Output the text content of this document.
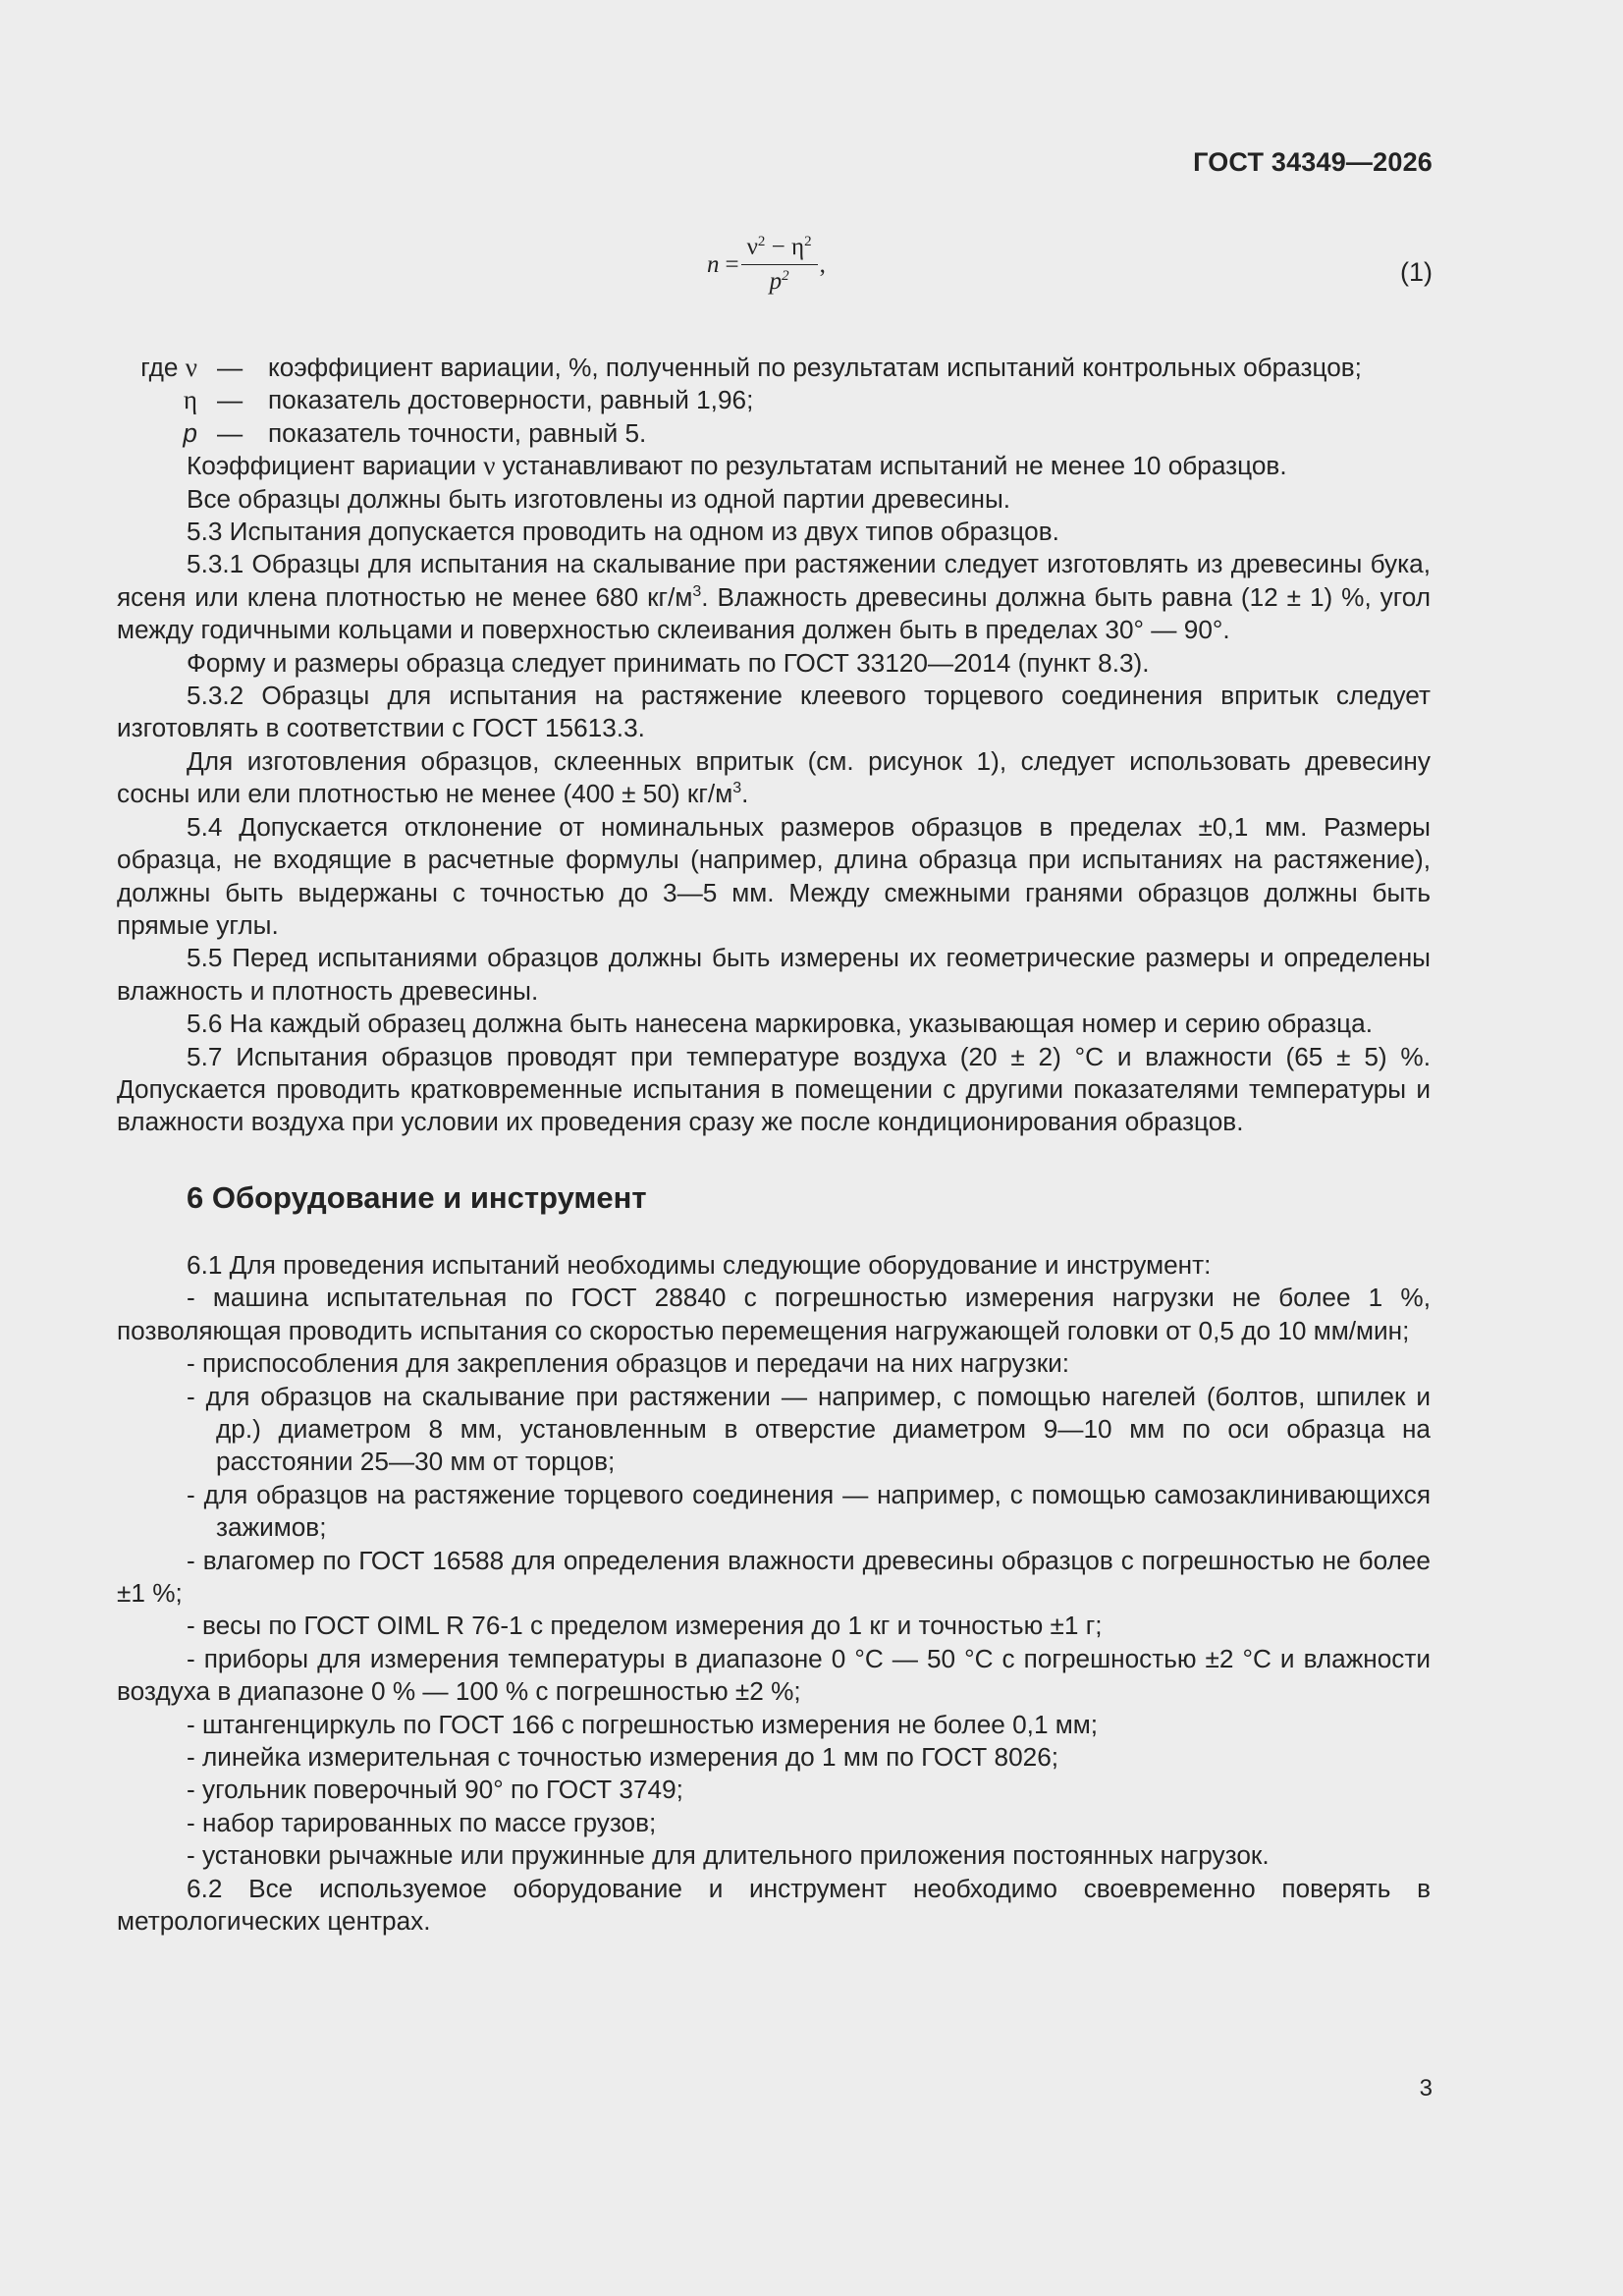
ГОСТ 34349—2026
$n = \frac{\nu^2 - \eta^2}{p^2}$ ,	(1)
где ν — коэффициент вариации, %, полученный по результатам испытаний контрольных образцов;
η — показатель достоверности, равный 1,96;
p — показатель точности, равный 5.

Коэффициент вариации ν устанавливают по результатам испытаний не менее 10 образцов.

Все образцы должны быть изготовлены из одной партии древесины.

5.3 Испытания допускается проводить на одном из двух типов образцов.

5.3.1 Образцы для испытания на скалывание при растяжении следует изготовлять из древесины бука, ясеня или клена плотностью не менее 680 $кг/м^3$. Влажность древесины должна быть равна (12 ± 1) %, угол между годичными кольцами и поверхностью склеивания должен быть в пределах 30° — 90°.

Форму и размеры образца следует принимать по ГОСТ 33120—2014 (пункт 8.3).

5.3.2 Образцы для испытания на растяжение клеевого торцевого соединения впритык следует изготовлять в соответствии с ГОСТ 15613.3.

Для изготовления образцов, склеенных впритык (см. рисунок 1), следует использовать древесину сосны или ели плотностью не менее (400 ± 50) $кг/м^3$.

5.4 Допускается отклонение от номинальных размеров образцов в пределах ±0,1 мм. Размеры образца, не входящие в расчетные формулы (например, длина образца при испытаниях на растяжение), должны быть выдержаны с точностью до 3—5 мм. Между смежными гранями образцов должны быть прямые углы.

5.5 Перед испытаниями образцов должны быть измерены их геометрические размеры и определены влажность и плотность древесины.

5.6 На каждый образец должна быть нанесена маркировка, указывающая номер и серию образца.

5.7 Испытания образцов проводят при температуре воздуха (20 ± 2) °С и влажности (65 ± 5) %. Допускается проводить кратковременные испытания в помещении с другими показателями температуры и влажности воздуха при условии их проведения сразу же после кондиционирования образцов.

6 Оборудование и инструмент

6.1 Для проведения испытаний необходимы следующие оборудование и инструмент:

- машина испытательная по ГОСТ 28840 с погрешностью измерения нагрузки не более 1 %, позволяющая проводить испытания со скоростью перемещения нагружающей головки от 0,5 до 10 мм/мин;

- приспособления для закрепления образцов и передачи на них нагрузки:

- для образцов на скалывание при растяжении — например, с помощью нагелей (болтов, шпилек и др.) диаметром 8 мм, установленным в отверстие диаметром 9—10 мм по оси образца на расстоянии 25—30 мм от торцов;

- для образцов на растяжение торцевого соединения — например, с помощью самозаклинивающихся зажимов;

- влагомер по ГОСТ 16588 для определения влажности древесины образцов с погрешностью не более ±1 %;

- весы по ГОСТ OIML R 76-1 с пределом измерения до 1 кг и точностью ±1 г;

- приборы для измерения температуры в диапазоне 0 °С — 50 °С с погрешностью ±2 °С и влажности воздуха в диапазоне 0 % — 100 % с погрешностью ±2 %;

- штангенциркуль по ГОСТ 166 с погрешностью измерения не более 0,1 мм;

- линейка измерительная с точностью измерения до 1 мм по ГОСТ 8026;

- угольник поверочный 90° по ГОСТ 3749;

- набор тарированных по массе грузов;

- установки рычажные или пружинные для длительного приложения постоянных нагрузок.

6.2 Все используемое оборудование и инструмент необходимо своевременно поверять в метрологических центрах.

3
